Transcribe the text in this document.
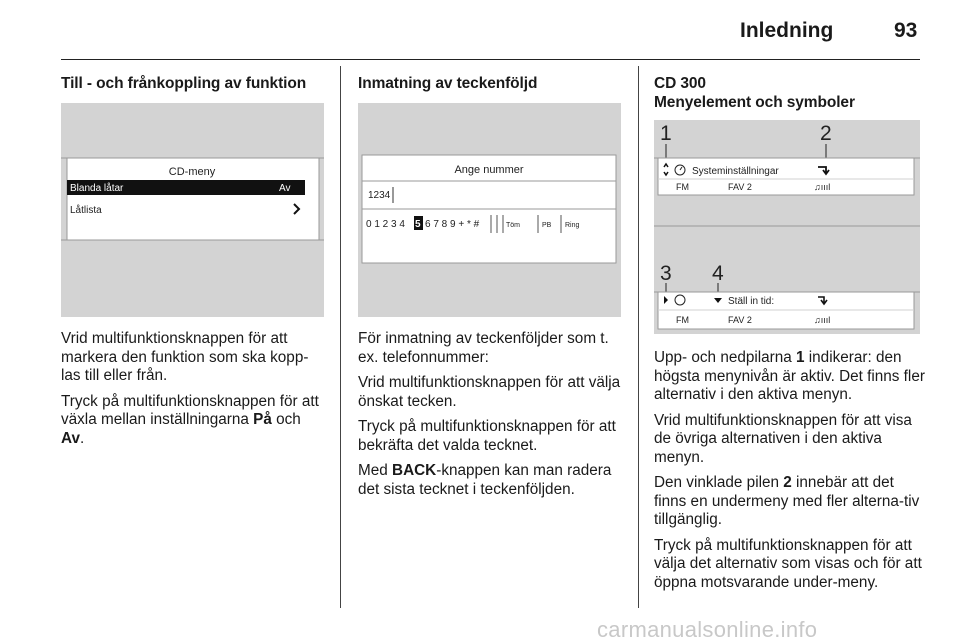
Inledning	93
Till - och frånkoppling av funktion
CD-meny
Blanda låtar	Av
Låtlista

Vrid multifunktionsknappen för att markera den funktion som ska kopp-las till eller från.

Tryck på multifunktionsknappen för att växla mellan inställningarna På och Av.

Inmatning av teckenföljd
Ange nummer
1234
0 1 2 3 4 5 6 7 8 9 + * #	Töm	PB Ring

För inmatning av teckenföljder som t. ex. telefonnummer:

Vrid multifunktionsknappen för att välja önskat tecken.

Tryck på multifunktionsknappen för att bekräfta det valda tecknet.

Med BACK-knappen kan man radera det sista tecknet i teckenföljden.

CD 300
Menyelement och symboler
1	2
Systeminställningar
FM	FAV 2	♫ıııl
3 4
Ställ in tid:
FM	FAV 2	♫ıııl

Upp- och nedpilarna 1 indikerar: den högsta menynivån är aktiv. Det finns fler alternativ i den aktiva menyn.

Vrid multifunktionsknappen för att visa de övriga alternativen i den aktiva menyn.

Den vinklade pilen 2 innebär att det finns en undermeny med fler alterna-tiv tillgänglig.

Tryck på multifunktionsknappen för att välja det alternativ som visas och för att öppna motsvarande under-meny.

carmanualsonline.info
